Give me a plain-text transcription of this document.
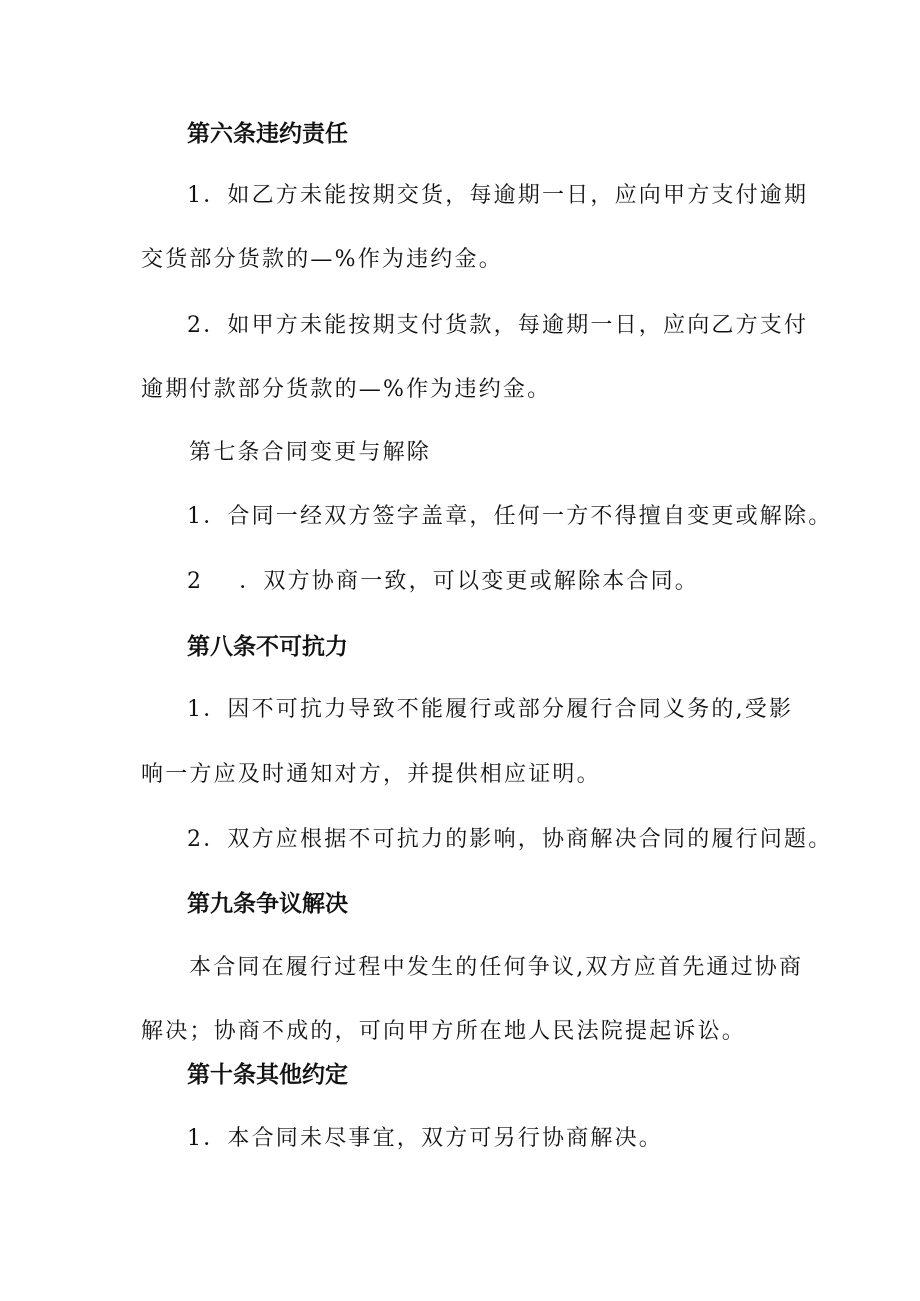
第六条违约责任
1．如乙方未能按期交货，每逾期一日，应向甲方支付逾期
交货部分货款的—%作为违约金。
2．如甲方未能按期支付货款，每逾期一日，应向乙方支付
逾期付款部分货款的—%作为违约金。
第七条合同变更与解除
1．合同一经双方签字盖章，任何一方不得擅自变更或解除。
2 ．双方协商一致，可以变更或解除本合同。
第八条不可抗力
1．因不可抗力导致不能履行或部分履行合同义务的,受影
响一方应及时通知对方，并提供相应证明。
2．双方应根据不可抗力的影响，协商解决合同的履行问题。
第九条争议解决
本合同在履行过程中发生的任何争议,双方应首先通过协商
解决；协商不成的，可向甲方所在地人民法院提起诉讼。
第十条其他约定
1．本合同未尽事宜，双方可另行协商解决。
